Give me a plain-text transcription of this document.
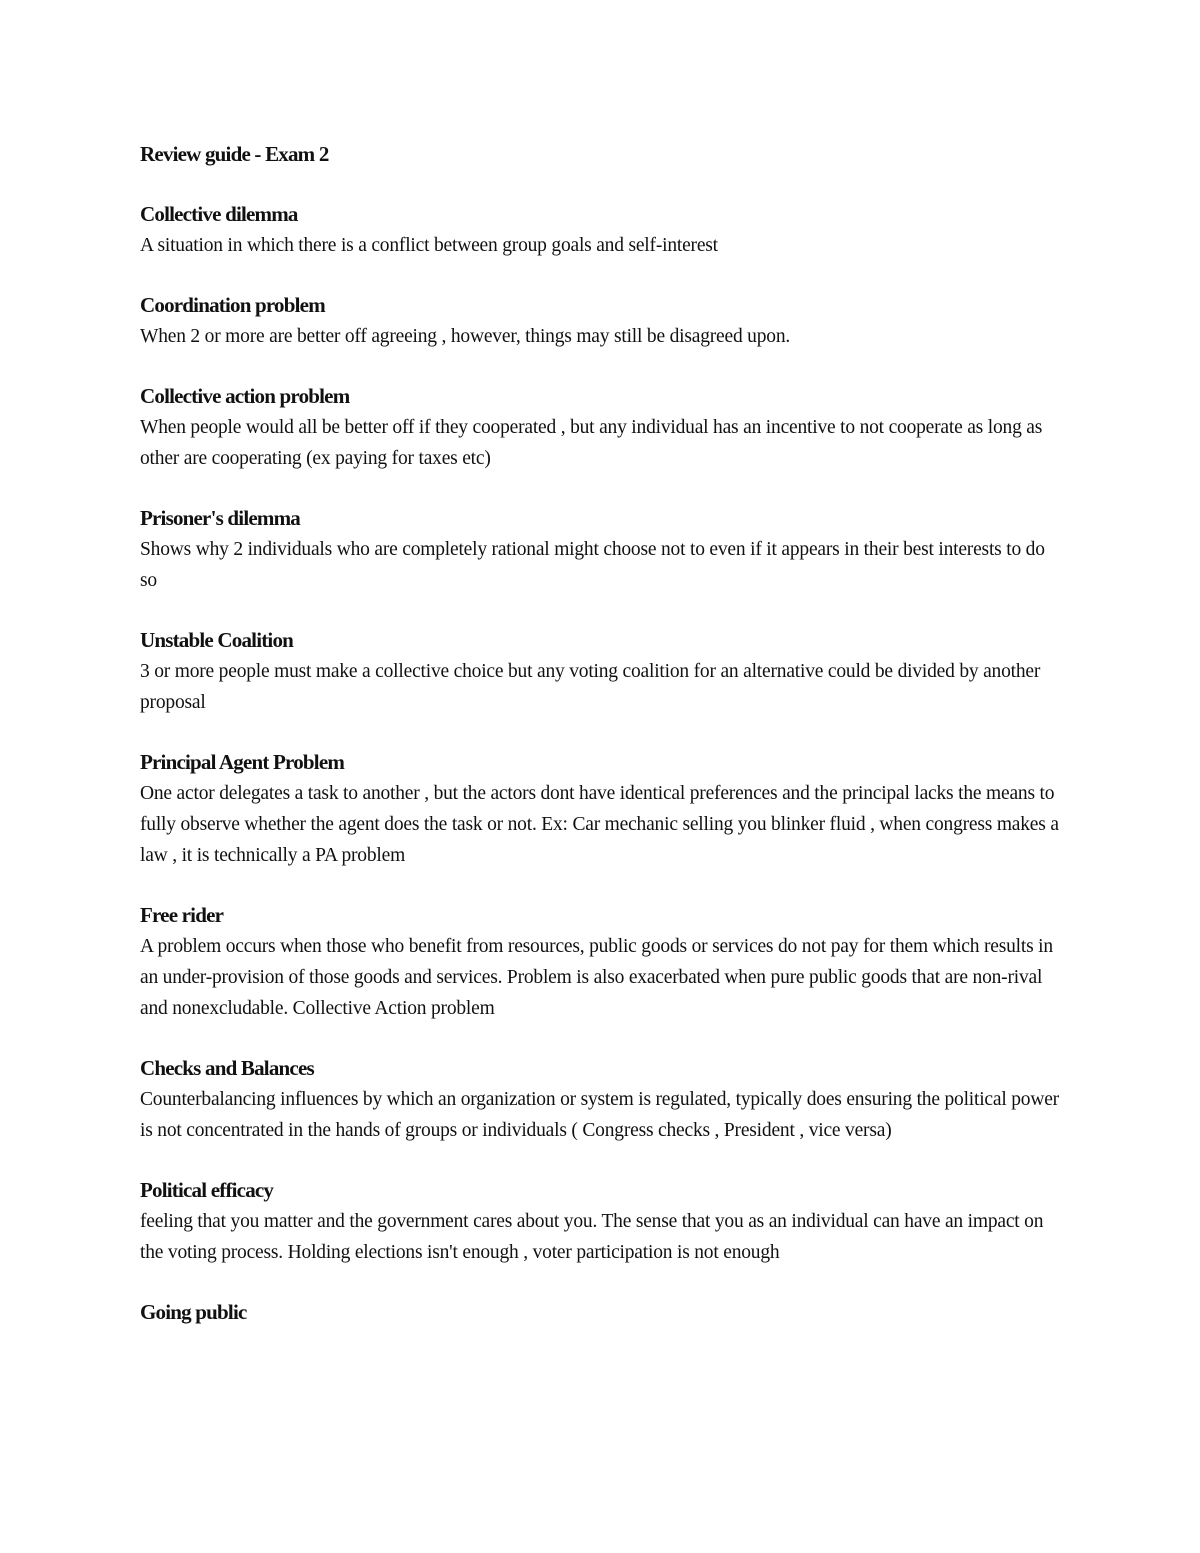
Review guide - Exam 2

Collective dilemma

A situation in which there is a conflict between group goals and self-interest

Coordination problem

When 2 or more are better off agreeing , however, things may still be disagreed upon.

Collective action problem

When people would all be better off if they cooperated , but any individual has an incentive to not cooperate as long as other are cooperating (ex paying for taxes etc)

Prisoner's dilemma

Shows why 2 individuals who are completely rational might choose not to even if it appears in their best interests to do so

Unstable Coalition

3 or more people must make a collective choice but any voting coalition for an alternative could be divided by another proposal

Principal Agent Problem

One actor delegates a task to another , but the actors dont have identical preferences and the principal lacks the means to fully observe whether the agent does the task or not. Ex: Car mechanic selling you blinker fluid , when congress makes a law , it is technically a PA problem

Free rider

A problem occurs when those who benefit from resources, public goods or services do not pay for them which results in an under-provision of those goods and services. Problem is also exacerbated when pure public goods that are non-rival and nonexcludable. Collective Action problem

Checks and Balances

Counterbalancing influences by which an organization or system is regulated, typically does ensuring the political power is not concentrated in the hands of groups or individuals ( Congress checks , President , vice versa)

Political efficacy

feeling that you matter and the government cares about you. The sense that you as an individual can have an impact on the voting process. Holding elections isn't enough , voter participation is not enough

Going public
